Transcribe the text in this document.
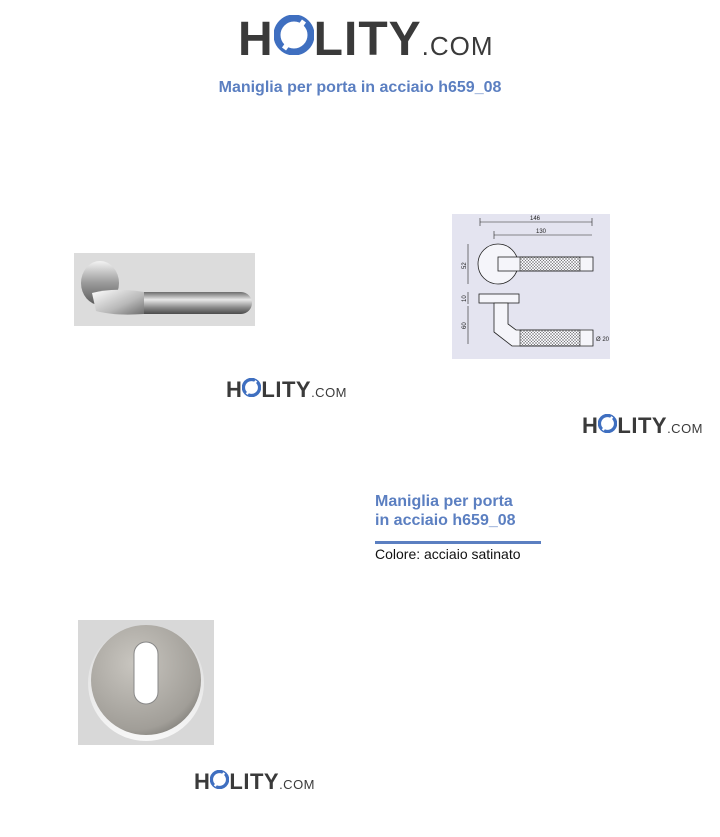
H LITY .COM
Maniglia per porta in acciaio h659_08
H LITY .COM
146
130
52
10
60
Ø 20
H LITY .COM
Maniglia per porta
in acciaio h659_08
Colore: acciaio satinato
H LITY .COM
